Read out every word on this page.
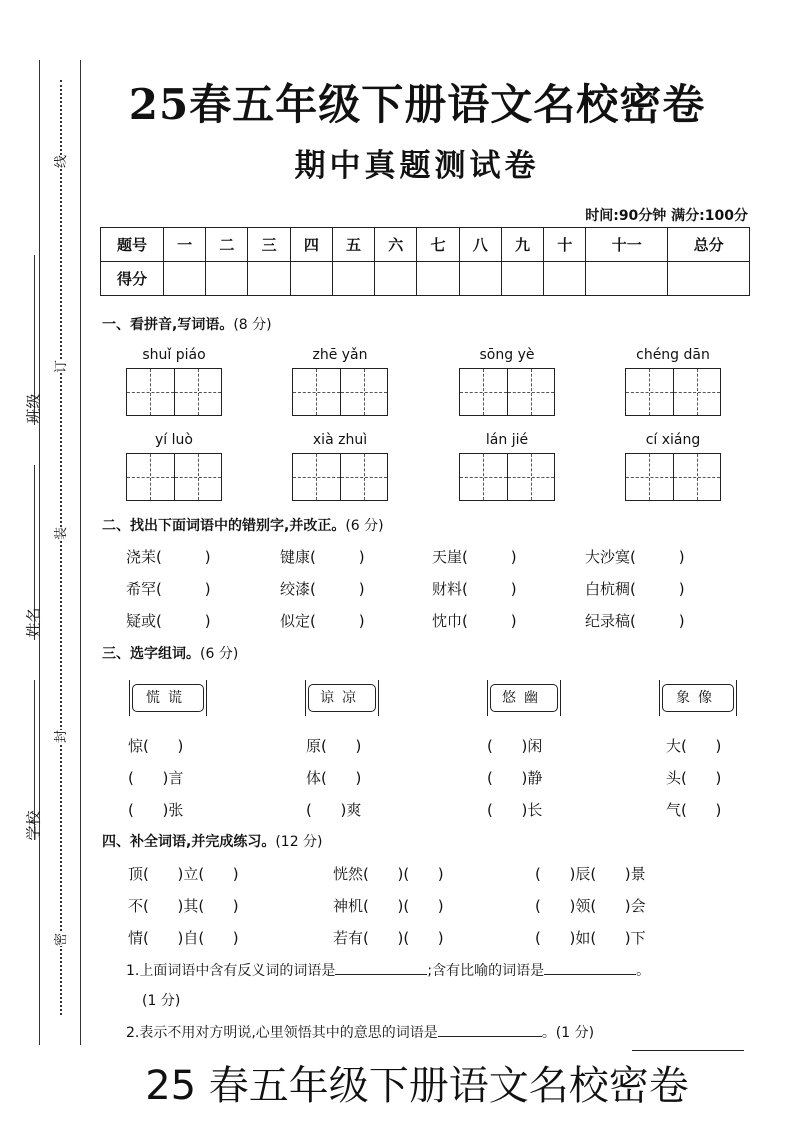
线
订
装
封
密
班级
姓名
学校
25春五年级下册语文名校密卷
期中真题测试卷
时间:90分钟 满分:100分
题号	一	二	三	四	五	六	七	八	九	十	十一	总分
得分												
一、看拼音,写词语。(8 分)
shuǐ piáo	zhē yǎn	sōng yè	chéng dān
yí luò	xià zhuì	lán jié	cí xiáng
二、找出下面词语中的错别字,并改正。(6 分)
浇苿(         )	键康(         )	天崖(         )	大沙寞(         )
希罕(         )	绞漆(         )	财料(         )	白杭稠(         )
疑或(         )	似定(         )	忱巾(         )	纪录稿(         )
三、选字组词。(6 分)
慌谎	谅凉	悠幽	象像
惊(      )	原(      )	(      )闲	大(      )
(      )言	体(      )	(      )静	头(      )
(      )张	(      )爽	(      )长	气(      )
四、补全词语,并完成练习。(12 分)
顶(      )立(      )	恍然(      )(      )	(      )辰(      )景
不(      )其(      )	神机(      )(      )	(      )领(      )会
情(      )自(      )	若有(      )(      )	(      )如(      )下
1.上面词语中含有反义词的词语是	;含有比喻的词语是	。
(1 分)
2.表示不用对方明说,心里领悟其中的意思的词语是	。(1 分)
25 春五年级下册语文名校密卷
